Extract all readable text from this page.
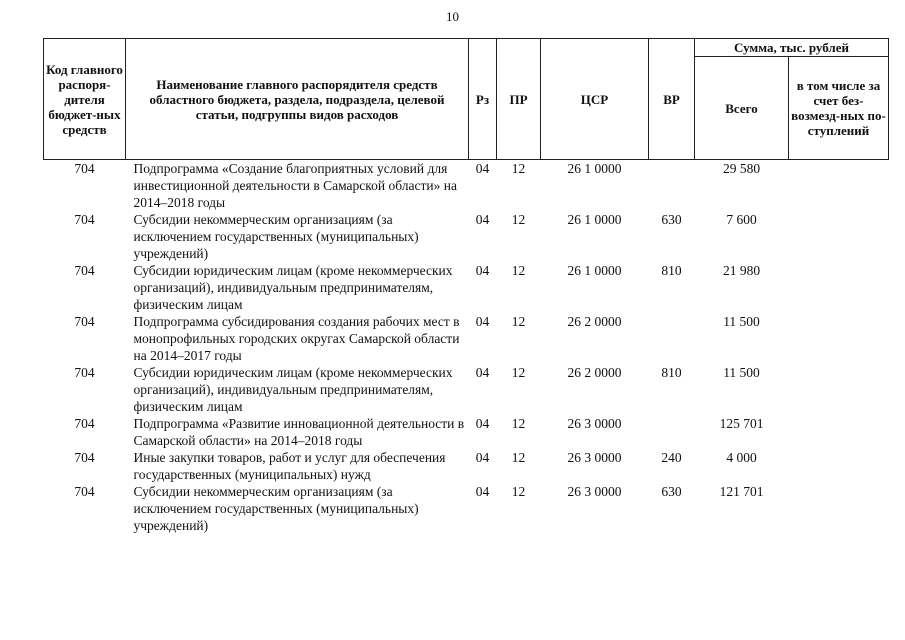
10
Код главного распоря-дителя бюджет-ных средств	Наименование главного распорядителя средств областного бюджета, раздела, подраздела, целевой статьи, подгруппы видов расходов	Рз	ПР	ЦСР	ВР	Сумма, тыс. рублей	
						Всего	в том числе за счет без-возмезд-ных по-ступлений
704	Подпрограмма «Создание благоприятных условий для инвестиционной деятельности в Самарской области» на 2014–2018 годы	04	12	26 1 0000		29 580	
704	Субсидии некоммерческим организациям (за исключением государственных (муниципальных) учреждений)	04	12	26 1 0000	630	7 600	
704	Субсидии юридическим лицам (кроме некоммерческих организаций), индивидуальным предпринимателям, физическим лицам	04	12	26 1 0000	810	21 980	
704	Подпрограмма субсидирования создания рабочих мест в монопрофильных городских округах Самарской области на 2014–2017 годы	04	12	26 2 0000		11 500	
704	Субсидии юридическим лицам (кроме некоммерческих организаций), индивидуальным предпринимателям, физическим лицам	04	12	26 2 0000	810	11 500	
704	Подпрограмма «Развитие инновационной деятельности в Самарской области» на 2014–2018 годы	04	12	26 3 0000		125 701	
704	Иные закупки товаров, работ и услуг для обеспечения государственных (муниципальных) нужд	04	12	26 3 0000	240	4 000	
704	Субсидии некоммерческим организациям (за исключением государственных (муниципальных) учреждений)	04	12	26 3 0000	630	121 701	
